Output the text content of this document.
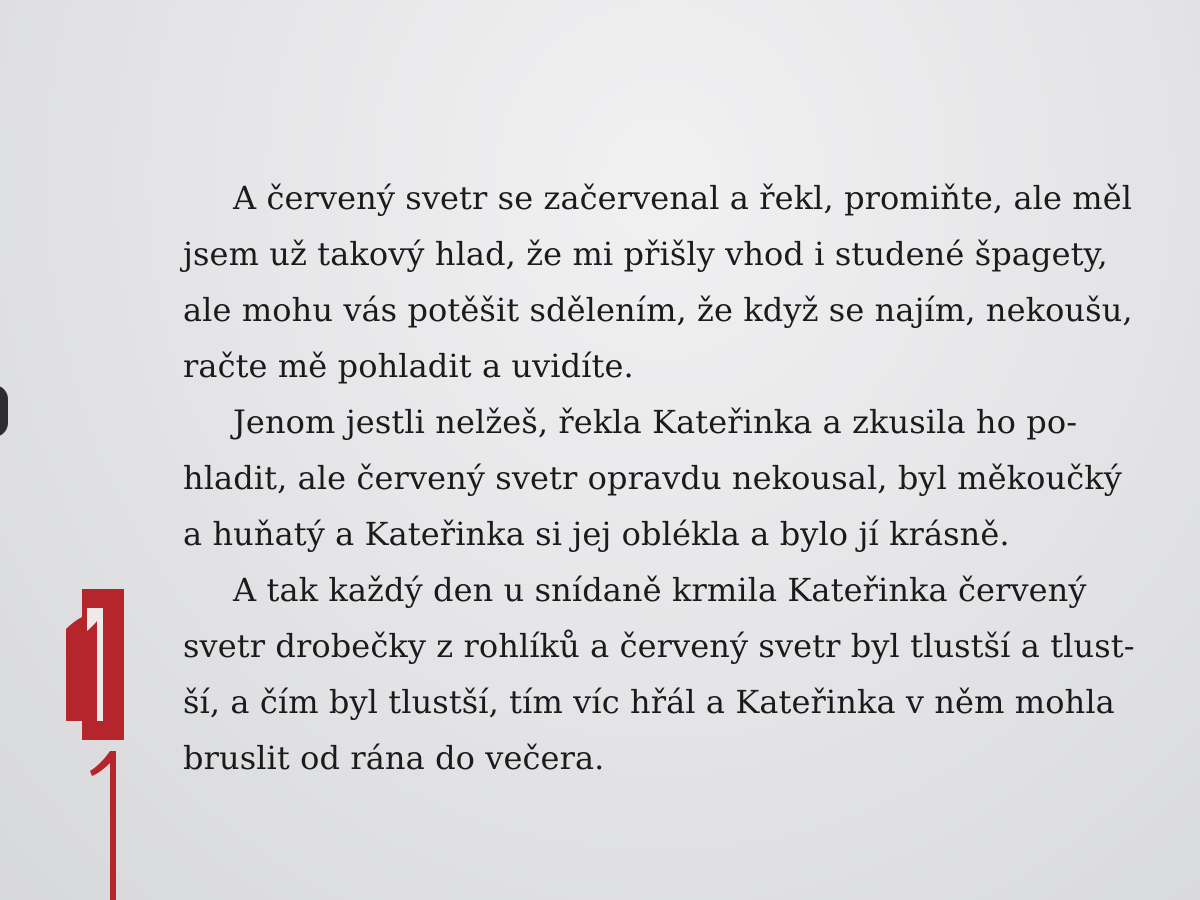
A červený svetr se začervenal a řekl, promiňte, ale měl
jsem už takový hlad, že mi přišly vhod i studené špagety,
ale mohu vás potěšit sdělením, že když se najím, nekoušu,
račte mě pohladit a uvidíte.

Jenom jestli nelžeš, řekla Kateřinka a zkusila ho po-
hladit, ale červený svetr opravdu nekousal, byl měkoučký
a huňatý a Kateřinka si jej oblékla a bylo jí krásně.

A tak každý den u snídaně krmila Kateřinka červený
svetr drobečky z rohlíků a červený svetr byl tlustší a tlust-
ší, a čím byl tlustší, tím víc hřál a Kateřinka v něm mohla
bruslit od rána do večera.
